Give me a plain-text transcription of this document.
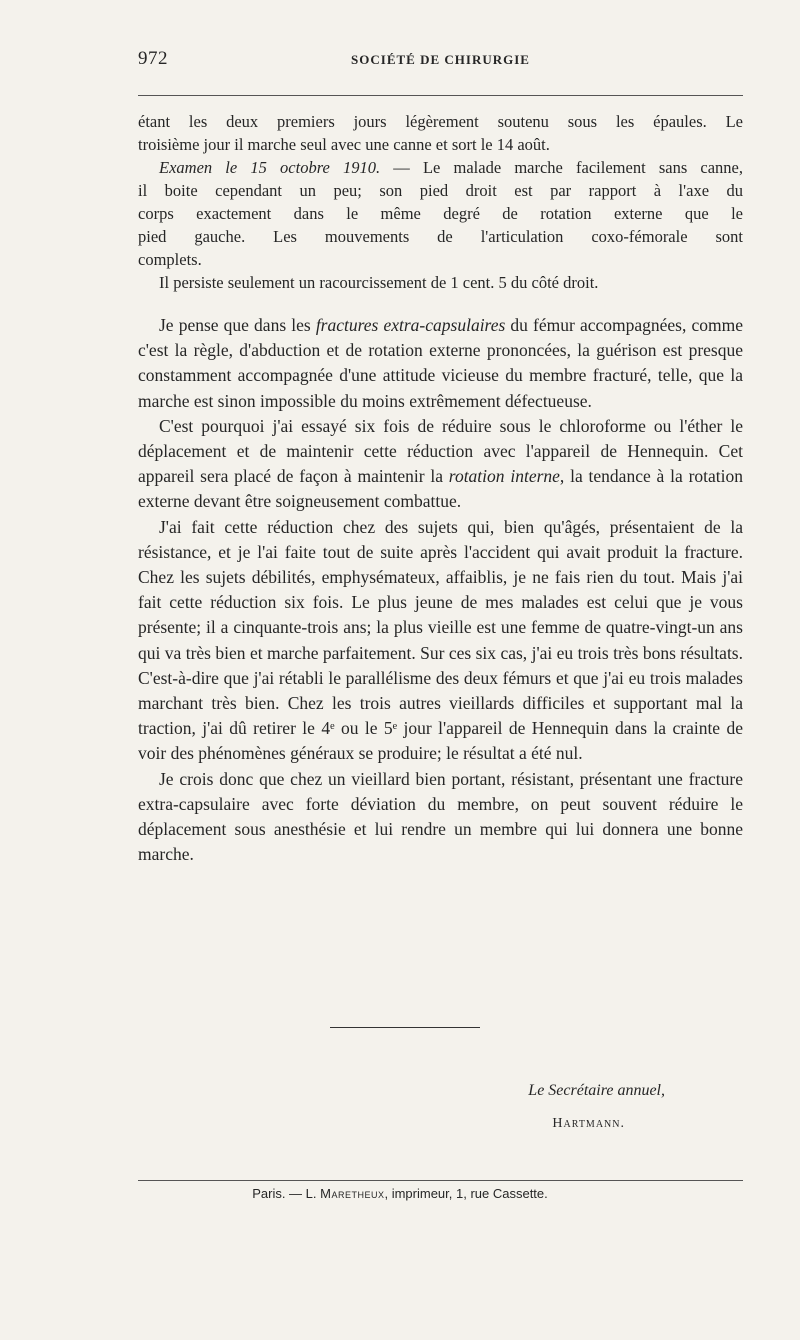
972	SOCIÉTÉ DE CHIRURGIE

étant les deux premiers jours légèrement soutenu sous les épaules. Le

troisième jour il marche seul avec une canne et sort le 14 août.

Examen le 15 octobre 1910. — Le malade marche facilement sans canne,

il boite cependant un peu; son pied droit est par rapport à l'axe du

corps exactement dans le même degré de rotation externe que le

pied gauche. Les mouvements de l'articulation coxo-fémorale sont

complets.

Il persiste seulement un racourcissement de 1 cent. 5 du côté droit.

Je pense que dans les fractures extra-capsulaires du fémur accompagnées, comme c'est la règle, d'abduction et de rotation externe prononcées, la guérison est presque constamment accompagnée d'une attitude vicieuse du membre fracturé, telle, que la marche est sinon impossible du moins extrêmement défectueuse.

C'est pourquoi j'ai essayé six fois de réduire sous le chloroforme ou l'éther le déplacement et de maintenir cette réduction avec l'appareil de Hennequin. Cet appareil sera placé de façon à maintenir la rotation interne, la tendance à la rotation externe devant être soigneusement combattue.

J'ai fait cette réduction chez des sujets qui, bien qu'âgés, présentaient de la résistance, et je l'ai faite tout de suite après l'accident qui avait produit la fracture. Chez les sujets débilités, emphysémateux, affaiblis, je ne fais rien du tout. Mais j'ai fait cette réduction six fois. Le plus jeune de mes malades est celui que je vous présente; il a cinquante-trois ans; la plus vieille est une femme de quatre-vingt-un ans qui va très bien et marche parfaitement. Sur ces six cas, j'ai eu trois très bons résultats. C'est-à-dire que j'ai rétabli le parallélisme des deux fémurs et que j'ai eu trois malades marchant très bien. Chez les trois autres vieillards difficiles et supportant mal la traction, j'ai dû retirer le 4ᵉ ou le 5ᵉ jour l'appareil de Hennequin dans la crainte de voir des phénomènes généraux se produire; le résultat a été nul.

Je crois donc que chez un vieillard bien portant, résistant, présentant une fracture extra-capsulaire avec forte déviation du membre, on peut souvent réduire le déplacement sous anesthésie et lui rendre un membre qui lui donnera une bonne marche.

Le Secrétaire annuel,
Hartmann.
Paris. — L. Maretheux, imprimeur, 1, rue Cassette.
